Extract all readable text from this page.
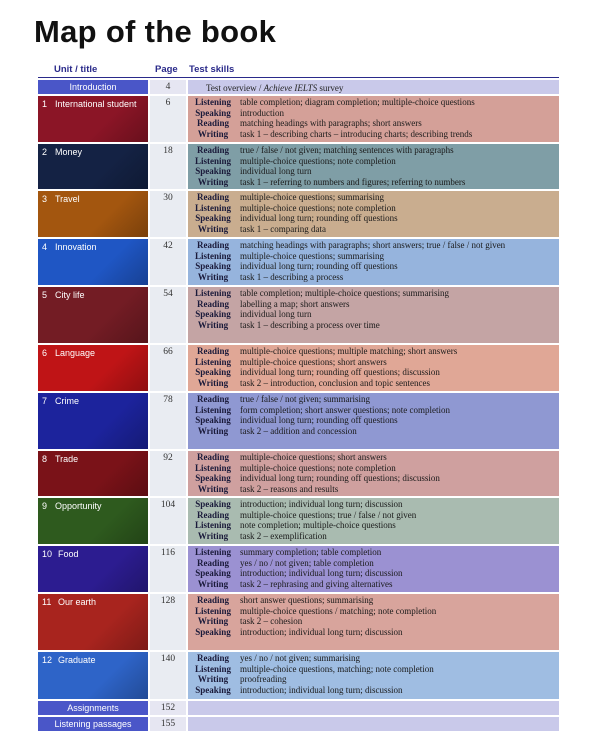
Map of the book
Unit / title	Page Test skills
Introduction	4	Test overview / Achieve IELTS survey
1 International student	6	Listening	table completion; diagram completion; multiple-choice questions
Speaking	introduction
Reading	matching headings with paragraphs; short answers
Writing	task 1 – describing charts – introducing charts; describing trends
2 Money	18	Reading	true / false / not given; matching sentences with paragraphs
Listening	multiple-choice questions; note completion
Speaking	individual long turn
Writing	task 1 – referring to numbers and figures; referring to numbers
3 Travel	30	Reading	multiple-choice questions; summarising
Listening	multiple-choice questions; note completion
Speaking	individual long turn; rounding off questions
Writing	task 1 – comparing data
4 Innovation	42	Reading	matching headings with paragraphs; short answers; true / false / not given
Listening	multiple-choice questions; summarising
Speaking	individual long turn; rounding off questions
Writing	task 1 – describing a process
5 City life	54	Listening	table completion; multiple-choice questions; summarising
Reading	labelling a map; short answers
Speaking	individual long turn
Writing	task 1 – describing a process over time
6 Language	66	Reading	multiple-choice questions; multiple matching; short answers
Listening	multiple-choice questions; short answers
Speaking	individual long turn; rounding off questions; discussion
Writing	task 2 – introduction, conclusion and topic sentences
7 Crime	78	Reading	true / false / not given; summarising
Listening	form completion; short answer questions; note completion
Speaking	individual long turn; rounding off questions
Writing	task 2 – addition and concession
8 Trade	92	Reading	multiple-choice questions; short answers
Listening	multiple-choice questions; note completion
Speaking	individual long turn; rounding off questions; discussion
Writing	task 2 – reasons and results
9 Opportunity	104	Speaking	introduction; individual long turn; discussion
Reading	multiple-choice questions; true / false / not given
Listening	note completion; multiple-choice questions
Writing	task 2 – exemplification
10 Food	116	Listening	summary completion; table completion
Reading	yes / no / not given; table completion
Speaking	introduction; individual long turn; discussion
Writing	task 2 – rephrasing and giving alternatives
11 Our earth	128	Reading	short answer questions; summarising
Listening	multiple-choice questions / matching; note completion
Writing	task 2 – cohesion
Speaking	introduction; individual long turn; discussion
12 Graduate	140	Reading	yes / no / not given; summarising
Listening	multiple-choice questions, matching; note completion
Writing	proofreading
Speaking	introduction; individual long turn; discussion
Assignments	152
Listening passages	155
